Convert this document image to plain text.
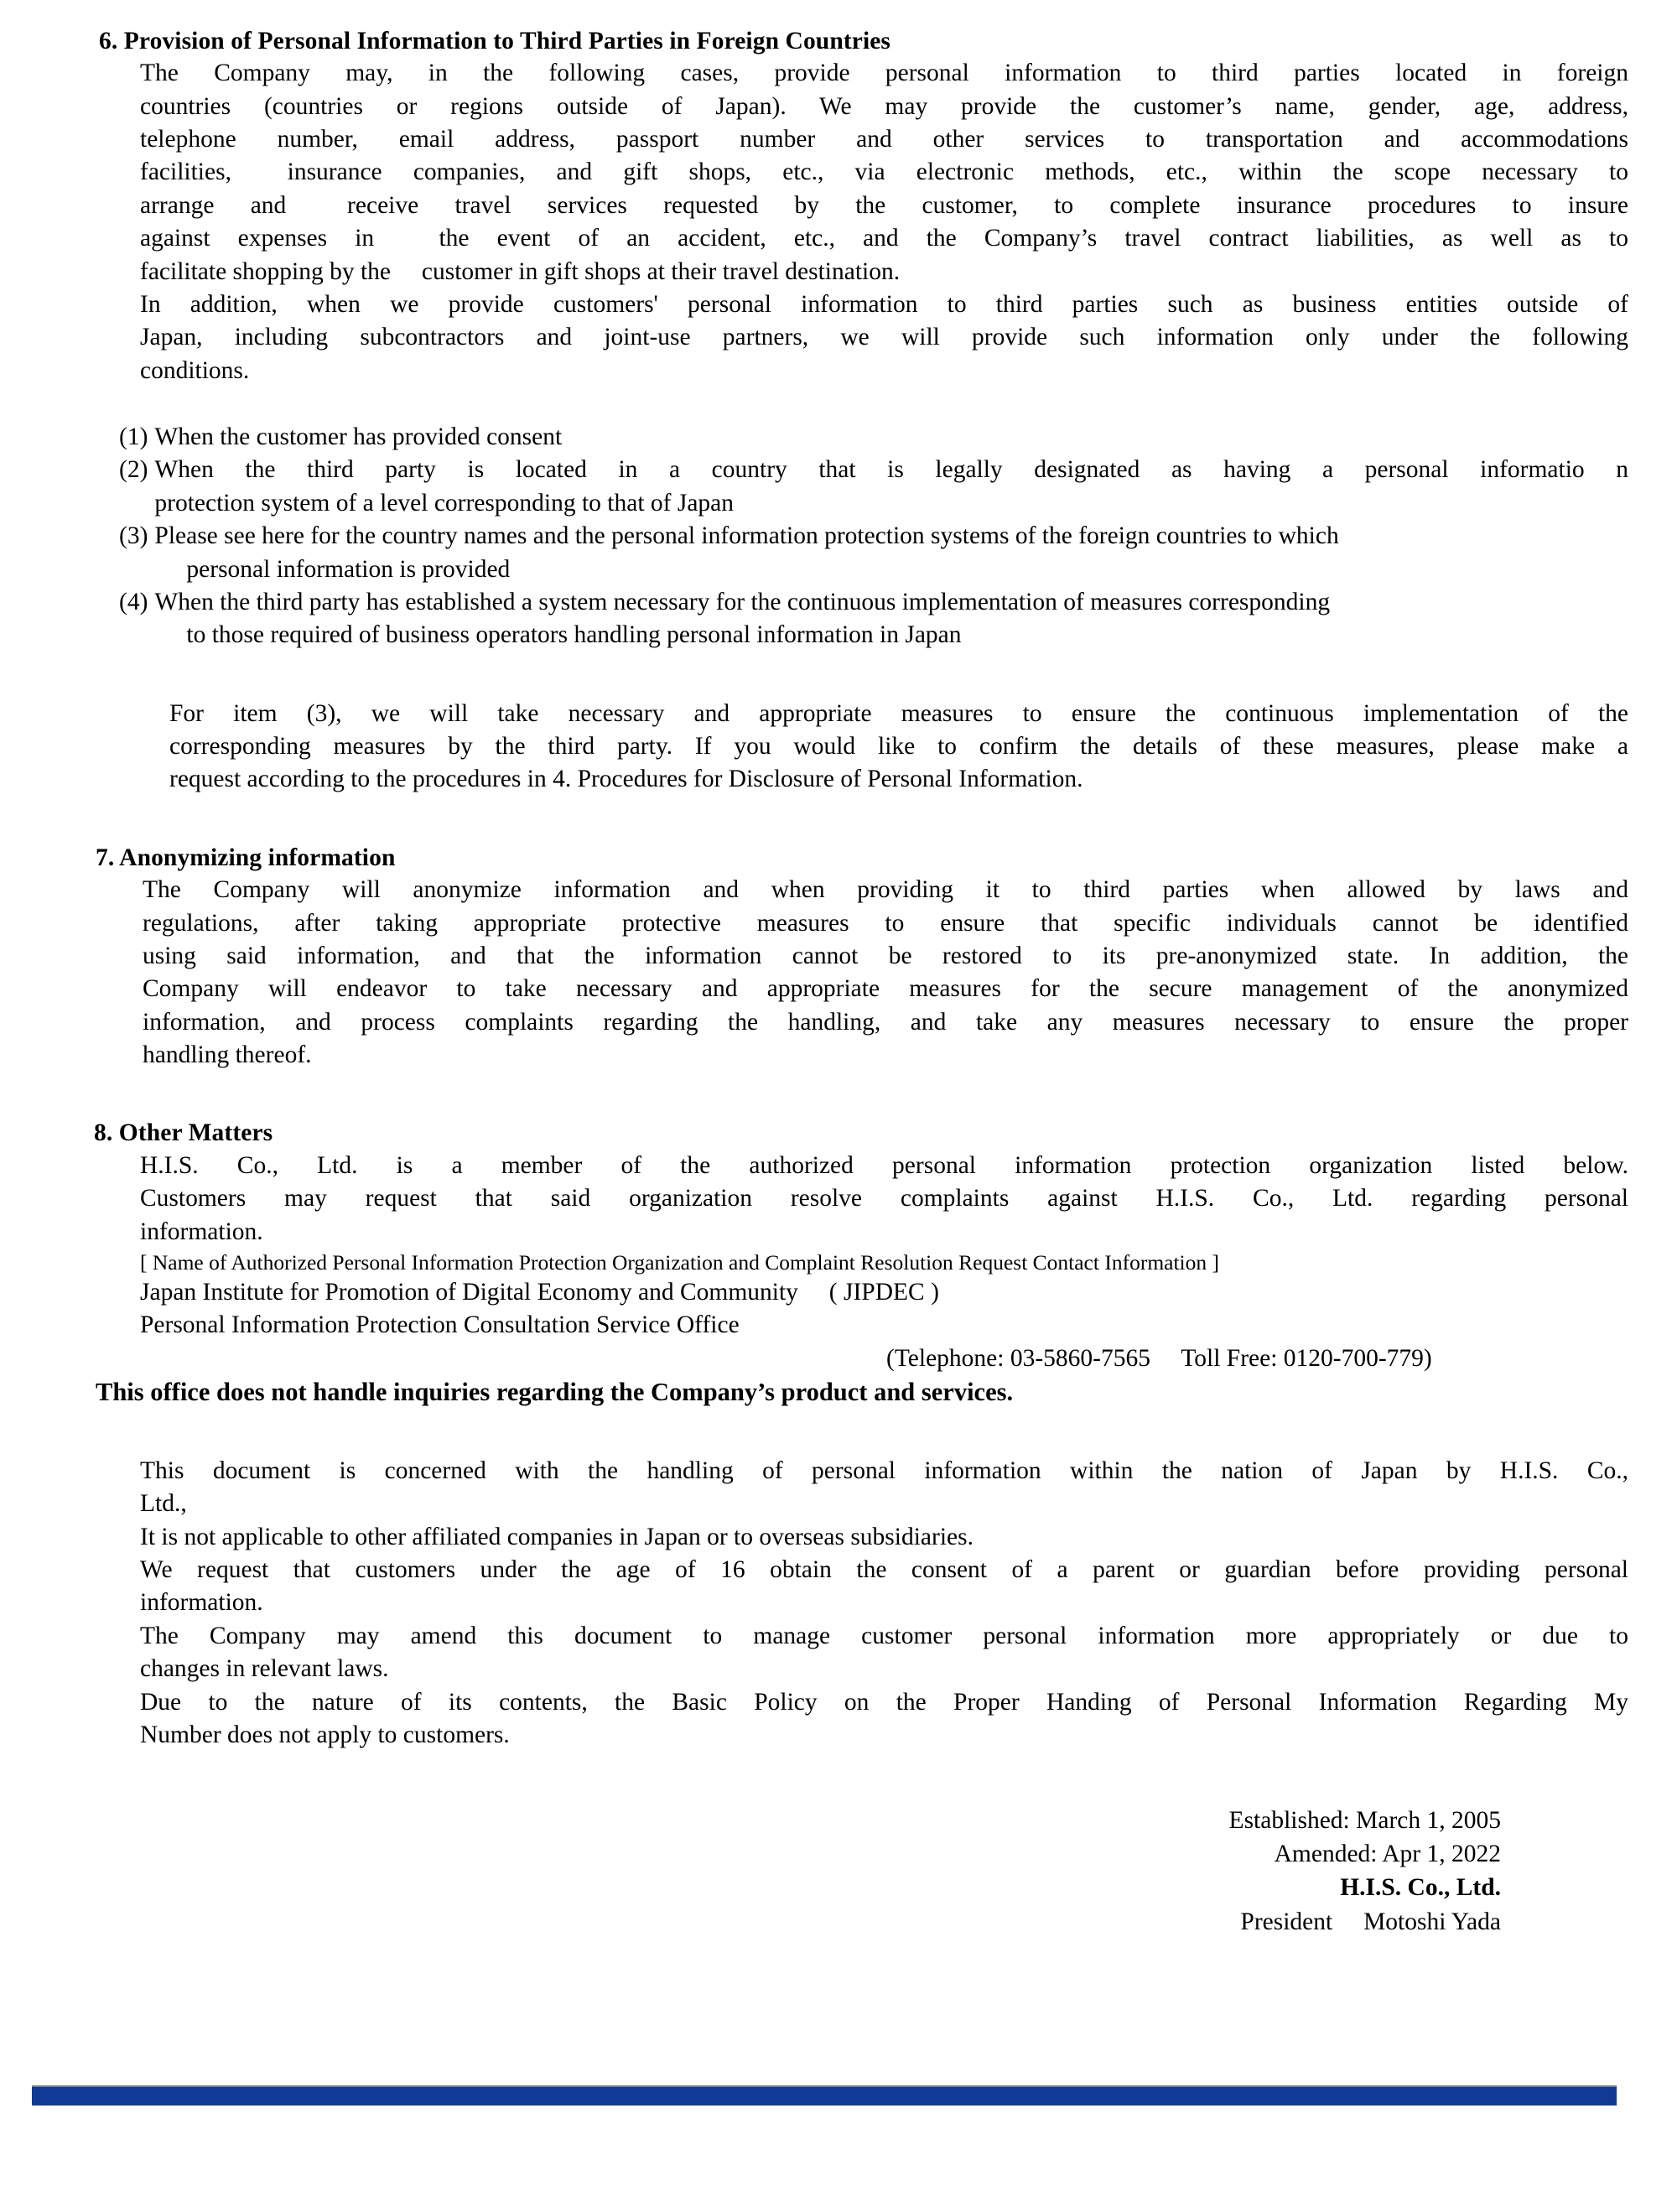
6. Provision of Personal Information to Third Parties in Foreign Countries

The Company may, in the following cases, provide personal information to third parties located in foreign

countries (countries or regions outside of Japan). We may provide the customer’s name, gender, age, address,

telephone number, email address, passport number and other services to transportation and accommodations

facilities,  insurance companies, and gift shops, etc., via electronic methods, etc., within the scope necessary to

arrange and  receive travel services requested by the customer, to complete insurance procedures to insure

against expenses in   the event of an accident, etc., and the Company’s travel contract liabilities, as well as to

facilitate shopping by the  customer in gift shops at their travel destination.

In addition, when we provide customers' personal information to third parties such as business entities outside of

Japan, including subcontractors and joint-use partners, we will provide such information only under the following

conditions.

(1) When the customer has provided consent
(2) When the third party is located in a country that is legally designated as having a personal informatio n
protection system of a level corresponding to that of Japan
(3) Please see here for the country names and the personal information protection systems of the foreign countries to which
personal information is provided
(4) When the third party has established a system necessary for the continuous implementation of measures corresponding
to those required of business operators handling personal information in Japan

For item (3), we will take necessary and appropriate measures to ensure the continuous implementation of the

corresponding measures by the third party. If you would like to confirm the details of these measures, please make a

request according to the procedures in 4. Procedures for Disclosure of Personal Information.

7. Anonymizing information

The Company will anonymize information and when providing it to third parties when allowed by laws and

regulations, after taking appropriate protective measures to ensure that specific individuals cannot be identified

using said information, and that the information cannot be restored to its pre-anonymized state. In addition, the

Company will endeavor to take necessary and appropriate measures for the secure management of the anonymized

information, and process complaints regarding the handling, and take any measures necessary to ensure the proper

handling thereof.

8. Other Matters

H.I.S. Co., Ltd. is a member of the authorized personal information protection organization listed below.

Customers may request that said organization resolve complaints against H.I.S. Co., Ltd. regarding personal

information.

[ Name of Authorized Personal Information Protection Organization and Complaint Resolution Request Contact Information ]

Japan Institute for Promotion of Digital Economy and Community  ( JIPDEC )

Personal Information Protection Consultation Service Office

(Telephone: 03-5860-7565  Toll Free: 0120-700-779)

This office does not handle inquiries regarding the Company’s product and services.

This document is concerned with the handling of personal information within the nation of Japan by H.I.S. Co.,

Ltd.,

It is not applicable to other affiliated companies in Japan or to overseas subsidiaries.

We request that customers under the age of 16 obtain the consent of a parent or guardian before providing personal

information.

The Company may amend this document to manage customer personal information more appropriately or due to

changes in relevant laws.

Due to the nature of its contents, the Basic Policy on the Proper Handing of Personal Information Regarding My

Number does not apply to customers.

Established: March 1, 2005

Amended: Apr 1, 2022

H.I.S. Co., Ltd.

President  Motoshi Yada
